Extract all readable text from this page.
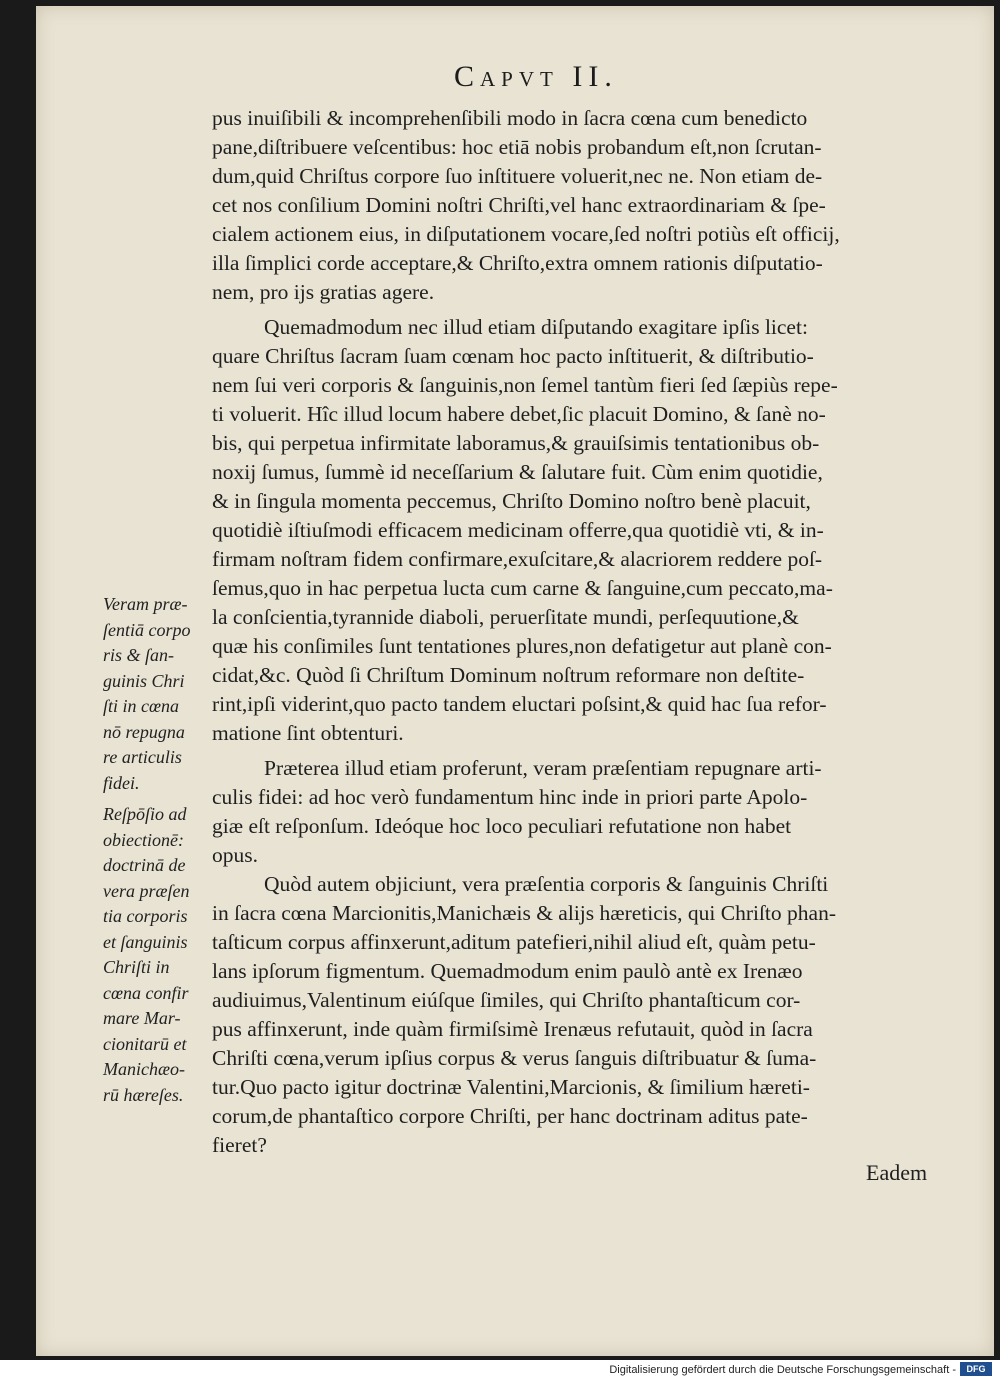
Capvt II.

pus inuiſibili & incomprehenſibili modo in ſacra cœna cum benedicto
pane,diſtribuere veſcentibus: hoc etiā nobis probandum eſt,non ſcrutan-
dum,quid Chriſtus corpore ſuo inſtituere voluerit,nec ne. Non etiam de-
cet nos conſilium Domini noſtri Chriſti,vel hanc extraordinariam & ſpe-
cialem actionem eius, in diſputationem vocare,ſed noſtri potiùs eſt officij,
illa ſimplici corde acceptare,& Chriſto,extra omnem rationis diſputatio-
nem, pro ijs gratias agere.

Quemadmodum nec illud etiam diſputando exagitare ipſis licet:
quare Chriſtus ſacram ſuam cœnam hoc pacto inſtituerit, & diſtributio-
nem ſui veri corporis & ſanguinis,non ſemel tantùm fieri ſed ſæpiùs repe-
ti voluerit. Hîc illud locum habere debet,ſic placuit Domino, & ſanè no-
bis, qui perpetua infirmitate laboramus,& grauiſsimis tentationibus ob-
noxij ſumus, ſummè id neceſſarium & ſalutare fuit. Cùm enim quotidie,
& in ſingula momenta peccemus, Chriſto Domino noſtro benè placuit,
quotidiè iſtiuſmodi efficacem medicinam offerre,qua quotidiè vti, & in-
firmam noſtram fidem confirmare,exuſcitare,& alacriorem reddere poſ-
ſemus,quo in hac perpetua lucta cum carne & ſanguine,cum peccato,ma-
la conſcientia,tyrannide diaboli, peruerſitate mundi, perſequutione,&
quæ his conſimiles ſunt tentationes plures,non defatigetur aut planè con-
cidat,&c. Quòd ſi Chriſtum Dominum noſtrum reformare non deſtite-
rint,ipſi viderint,quo pacto tandem eluctari poſsint,& quid hac ſua refor-
matione ſint obtenturi.

Præterea illud etiam proferunt, veram præſentiam repugnare arti-
culis fidei: ad hoc verò fundamentum hinc inde in priori parte Apolo-
giæ eſt reſponſum. Ideóque hoc loco peculiari refutatione non habet
opus.

Quòd autem objiciunt, vera præſentia corporis & ſanguinis Chriſti
in ſacra cœna Marcionitis,Manichæis & alijs hæreticis, qui Chriſto phan-
taſticum corpus affinxerunt,aditum patefieri,nihil aliud eſt, quàm petu-
lans ipſorum figmentum. Quemadmodum enim paulò antè ex Irenæo
audiuimus,Valentinum eiúſque ſimiles, qui Chriſto phantaſticum cor-
pus affinxerunt, inde quàm firmiſsimè Irenæus refutauit, quòd in ſacra
Chriſti cœna,verum ipſius corpus & verus ſanguis diſtribuatur & ſuma-
tur.Quo pacto igitur doctrinæ Valentini,Marcionis, & ſimilium hæreti-
corum,de phantaſtico corpore Chriſti, per hanc doctrinam aditus pate-
fieret?

Veram præ-
ſentiā corpo
ris & ſan-
guinis Chri
ſti in cœna
nō repugna
re articulis
fidei.
Reſpōſio ad
obiectionē:
doctrinā de
vera præſen
tia corporis
et ſanguinis
Chriſti in
cœna confir
mare Mar-
cionitarū et
Manichæo-
rū hæreſes.
Eadem
Digitalisierung gefördert durch die Deutsche Forschungsgemeinschaft -	DFG
